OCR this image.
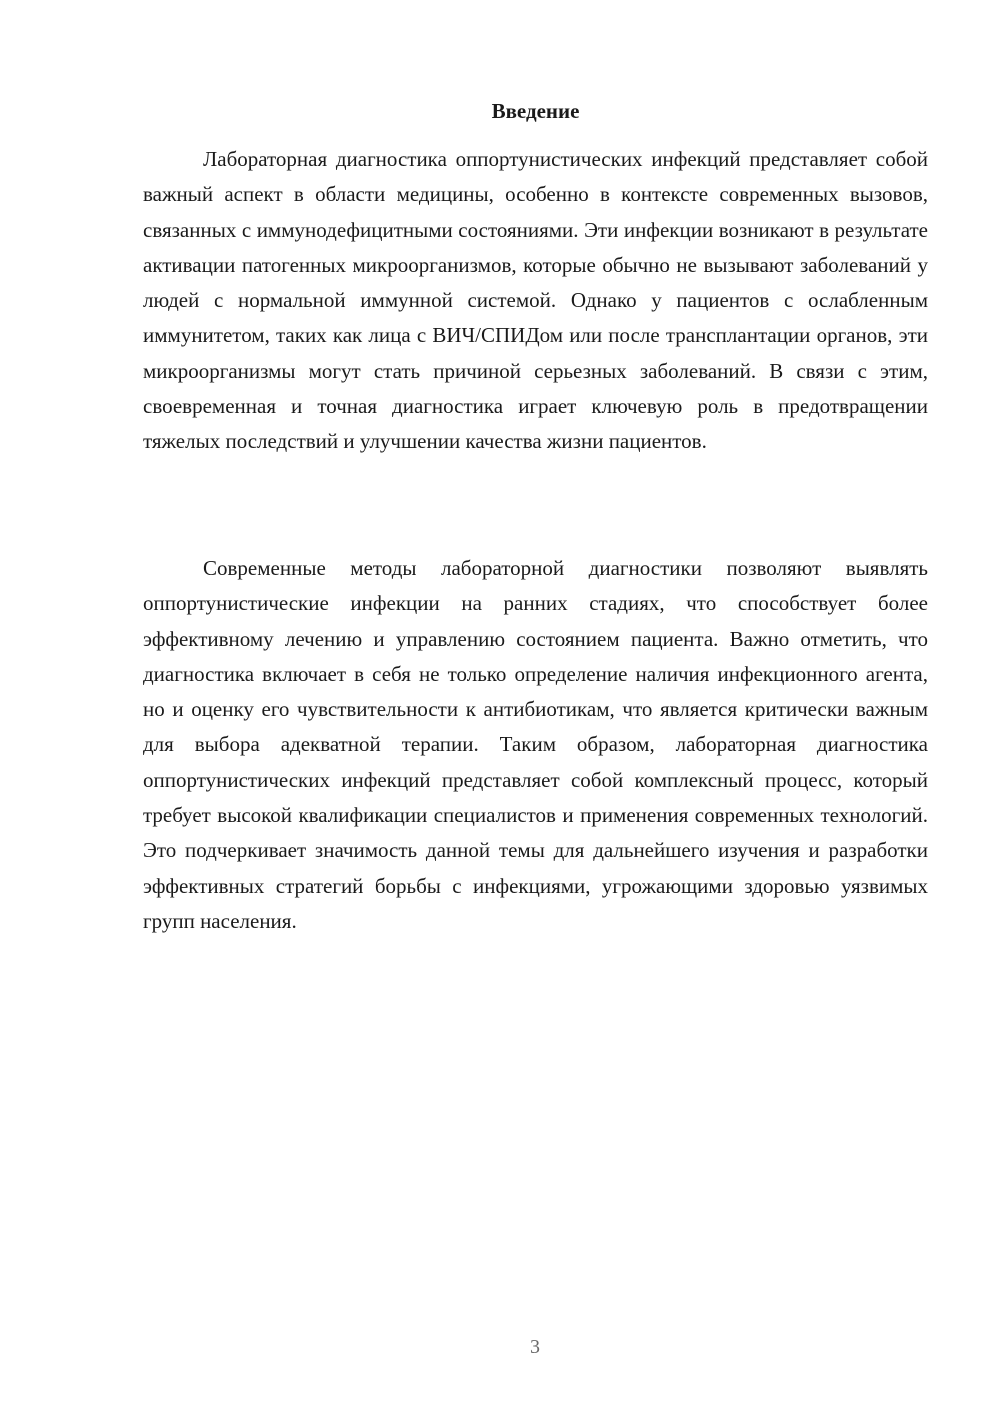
Введение

Лабораторная диагностика оппортунистических инфекций представляет собой важный аспект в области медицины, особенно в контексте современных вызовов, связанных с иммунодефицитными состояниями. Эти инфекции возникают в результате активации патогенных микроорганизмов, которые обычно не вызывают заболеваний у людей с нормальной иммунной системой. Однако у пациентов с ослабленным иммунитетом, таких как лица с ВИЧ/СПИДом или после трансплантации органов, эти микроорганизмы могут стать причиной серьезных заболеваний. В связи с этим, своевременная и точная диагностика играет ключевую роль в предотвращении тяжелых последствий и улучшении качества жизни пациентов.

Современные методы лабораторной диагностики позволяют выявлять оппортунистические инфекции на ранних стадиях, что способствует более эффективному лечению и управлению состоянием пациента. Важно отметить, что диагностика включает в себя не только определение наличия инфекционного агента, но и оценку его чувствительности к антибиотикам, что является критически важным для выбора адекватной терапии. Таким образом, лабораторная диагностика оппортунистических инфекций представляет собой комплексный процесс, который требует высокой квалификации специалистов и применения современных технологий. Это подчеркивает значимость данной темы для дальнейшего изучения и разработки эффективных стратегий борьбы с инфекциями, угрожающими здоровью уязвимых групп населения.

3
